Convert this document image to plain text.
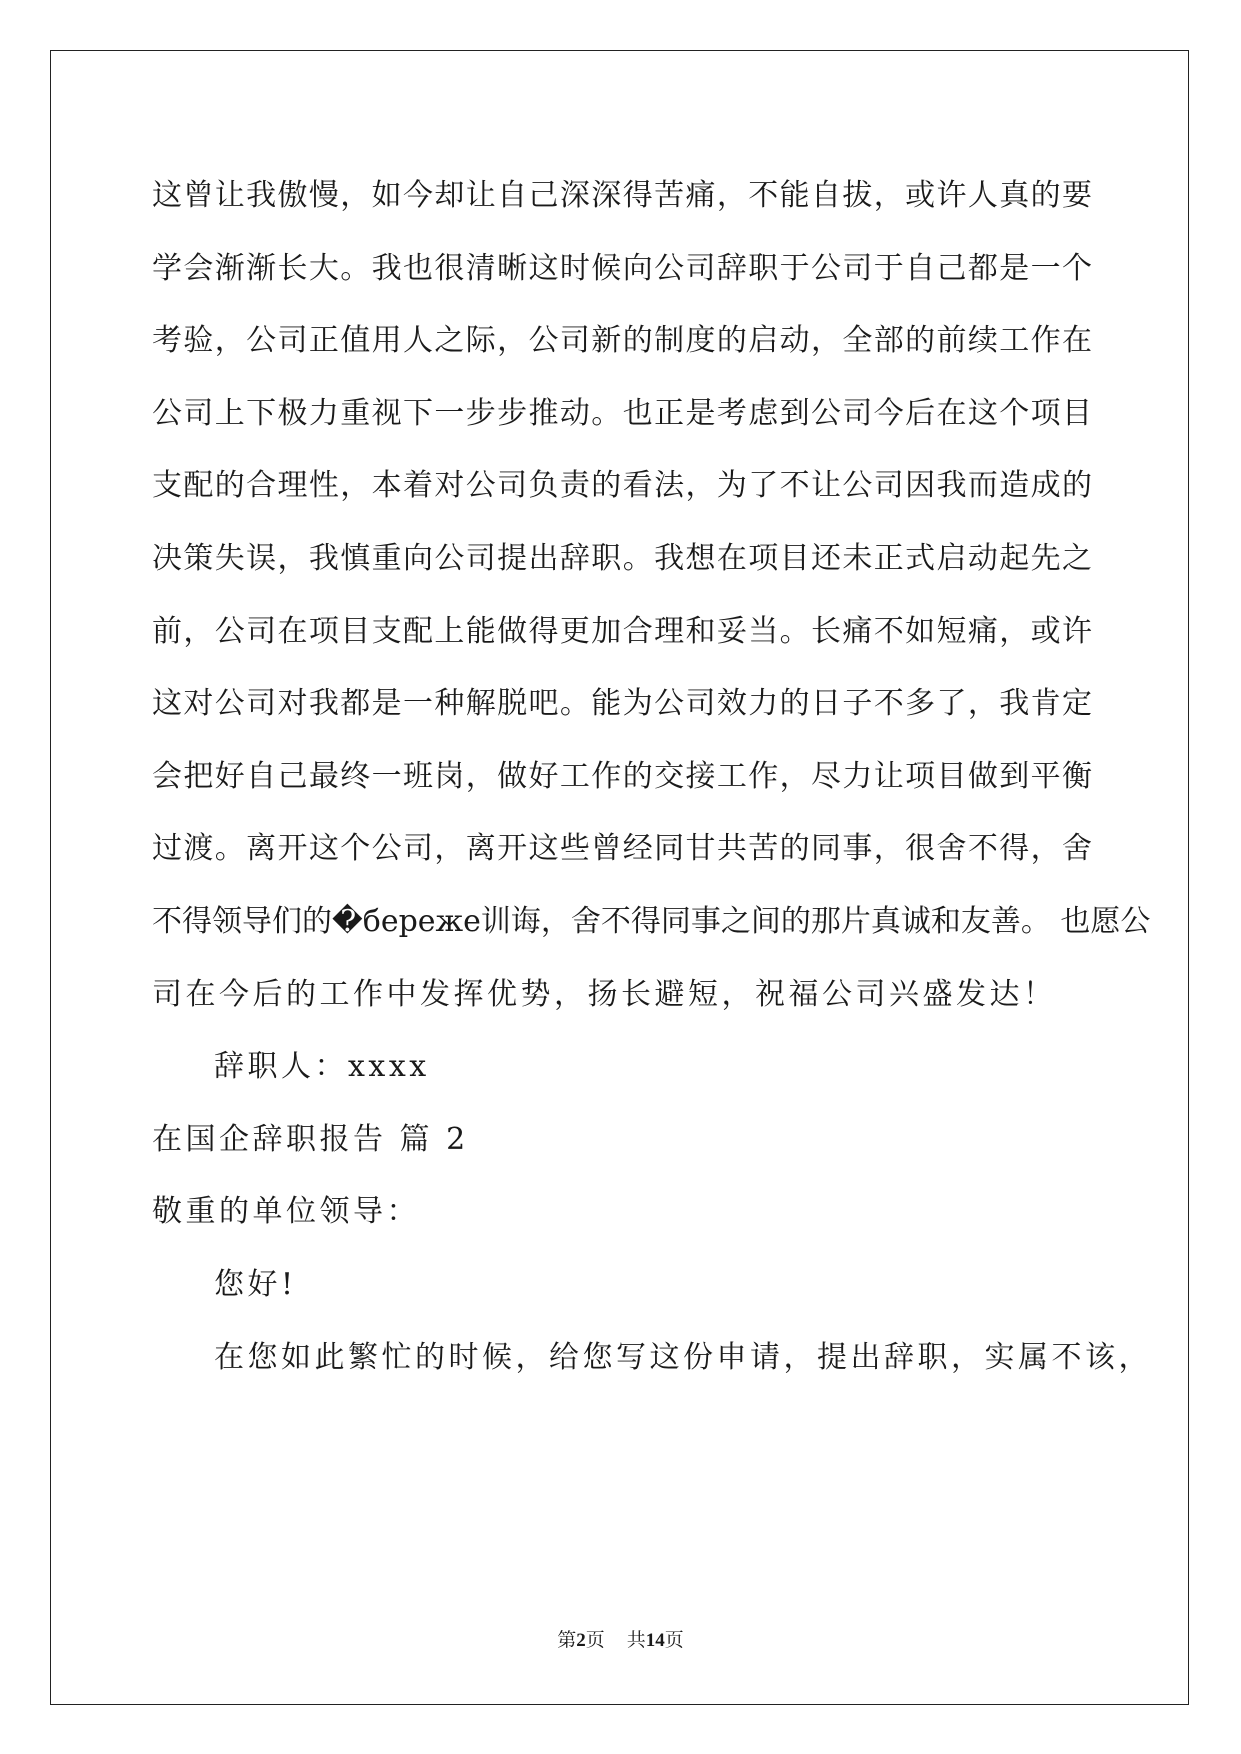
这曾让我傲慢，如今却让自己深深得苦痛，不能自拔，或许人真的要
学会渐渐长大。我也很清晰这时候向公司辞职于公司于自己都是一个
考验，公司正值用人之际，公司新的制度的启动，全部的前续工作在
公司上下极力重视下一步步推动。也正是考虑到公司今后在这个项目
支配的合理性，本着对公司负责的看法，为了不让公司因我而造成的
决策失误，我慎重向公司提出辞职。我想在项目还未正式启动起先之
前，公司在项目支配上能做得更加合理和妥当。长痛不如短痛，或许
这对公司对我都是一种解脱吧。能为公司效力的日子不多了，我肯定
会把好自己最终一班岗，做好工作的交接工作，尽力让项目做到平衡
过渡。离开这个公司，离开这些曾经同甘共苦的同事，很舍不得，舍
不得领导们的�береже训诲，舍不得同事之间的那片真诚和友善。 也愿公
司在今后的工作中发挥优势，扬长避短，祝福公司兴盛发达！
辞职人：xxxx
在国企辞职报告 篇 2
敬重的单位领导：
您好!
在您如此繁忙的时候，给您写这份申请，提出辞职，实属不该，
第2页 共14页
